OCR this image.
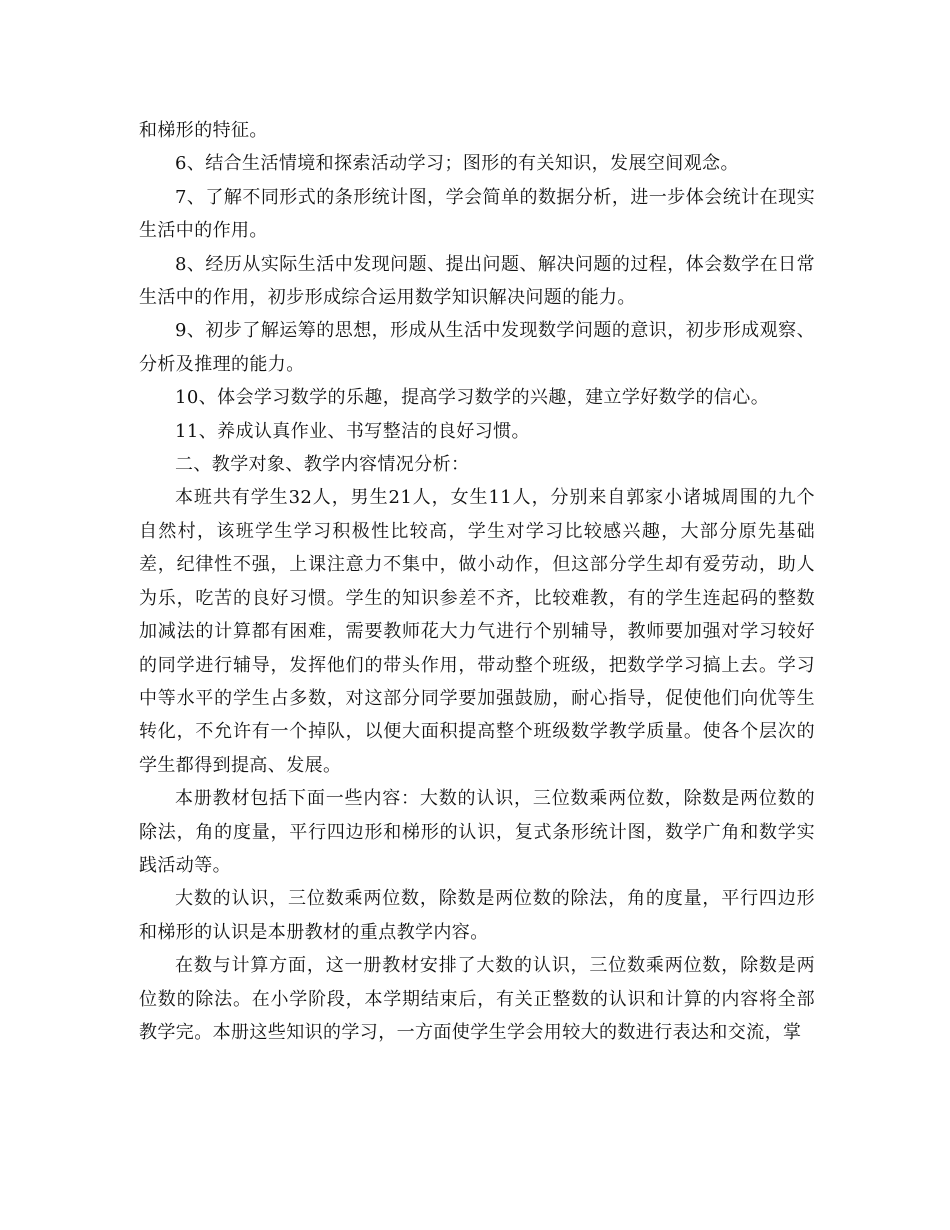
和梯形的特征。

6、结合生活情境和探索活动学习；图形的有关知识，发展空间观念。

7、了解不同形式的条形统计图，学会简单的数据分析，进一步体会统计在现实生活中的作用。

8、经历从实际生活中发现问题、提出问题、解决问题的过程，体会数学在日常生活中的作用，初步形成综合运用数学知识解决问题的能力。

9、初步了解运筹的思想，形成从生活中发现数学问题的意识，初步形成观察、分析及推理的能力。

10、体会学习数学的乐趣，提高学习数学的兴趣，建立学好数学的信心。

11、养成认真作业、书写整洁的良好习惯。

二、教学对象、教学内容情况分析：

本班共有学生32人，男生21人，女生11人，分别来自郭家小诸城周围的九个自然村，该班学生学习积极性比较高，学生对学习比较感兴趣，大部分原先基础差，纪律性不强，上课注意力不集中，做小动作，但这部分学生却有爱劳动，助人为乐，吃苦的良好习惯。学生的知识参差不齐，比较难教，有的学生连起码的整数加减法的计算都有困难，需要教师花大力气进行个别辅导，教师要加强对学习较好的同学进行辅导，发挥他们的带头作用，带动整个班级，把数学学习搞上去。学习中等水平的学生占多数，对这部分同学要加强鼓励，耐心指导，促使他们向优等生转化，不允许有一个掉队，以便大面积提高整个班级数学教学质量。使各个层次的学生都得到提高、发展。

本册教材包括下面一些内容：大数的认识，三位数乘两位数，除数是两位数的除法，角的度量，平行四边形和梯形的认识，复式条形统计图，数学广角和数学实践活动等。

大数的认识，三位数乘两位数，除数是两位数的除法，角的度量，平行四边形和梯形的认识是本册教材的重点教学内容。

在数与计算方面，这一册教材安排了大数的认识，三位数乘两位数，除数是两位数的除法。在小学阶段，本学期结束后，有关正整数的认识和计算的内容将全部教学完。本册这些知识的学习，一方面使学生学会用较大的数进行表达和交流，掌
